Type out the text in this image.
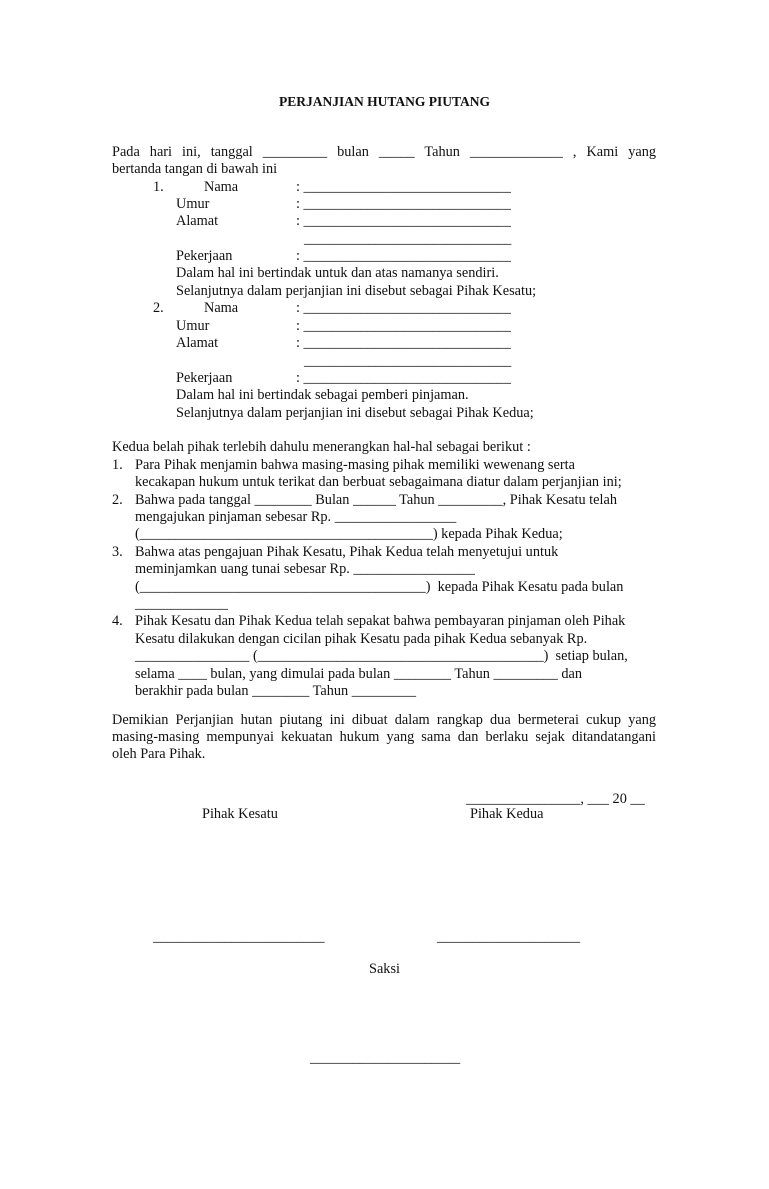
PERJANJIAN HUTANG PIUTANG
Pada hari ini, tanggal _________ bulan _____ Tahun _____________ , Kami yang
bertanda tangan di bawah ini
1.	Nama	: _____________________________
Umur	: _____________________________
Alamat	: _____________________________
_____________________________
Pekerjaan	: _____________________________
Dalam hal ini bertindak untuk dan atas namanya sendiri.
Selanjutnya dalam perjanjian ini disebut sebagai Pihak Kesatu;
2.	Nama	: _____________________________
Umur	: _____________________________
Alamat	: _____________________________
_____________________________
Pekerjaan	: _____________________________
Dalam hal ini bertindak sebagai pemberi pinjaman.
Selanjutnya dalam perjanjian ini disebut sebagai Pihak Kedua;
Kedua belah pihak terlebih dahulu menerangkan hal-hal sebagai berikut :
1. Para Pihak menjamin bahwa masing-masing pihak memiliki wewenang serta
kecakapan hukum untuk terikat dan berbuat sebagaimana diatur dalam perjanjian ini;
2. Bahwa pada tanggal ________ Bulan ______ Tahun _________, Pihak Kesatu telah
mengajukan pinjaman sebesar Rp. _________________
(_________________________________________) kepada Pihak Kedua;
3. Bahwa atas pengajuan Pihak Kesatu, Pihak Kedua telah menyetujui untuk
meminjamkan uang tunai sebesar Rp. _________________
(________________________________________)  kepada Pihak Kesatu pada bulan
_____________
4. Pihak Kesatu dan Pihak Kedua telah sepakat bahwa pembayaran pinjaman oleh Pihak
Kesatu dilakukan dengan cicilan pihak Kesatu pada pihak Kedua sebanyak Rp.
________________ (________________________________________)  setiap bulan,
selama ____ bulan, yang dimulai pada bulan ________ Tahun _________ dan
berakhir pada bulan ________ Tahun _________
Demikian Perjanjian hutan piutang ini dibuat dalam rangkap dua bermeterai cukup yang
masing-masing mempunyai kekuatan hukum yang sama dan berlaku sejak ditandatangani
oleh Para Pihak.
________________, ___ 20 __
Pihak Kesatu	Pihak Kedua
________________________	____________________
Saksi
_____________________
